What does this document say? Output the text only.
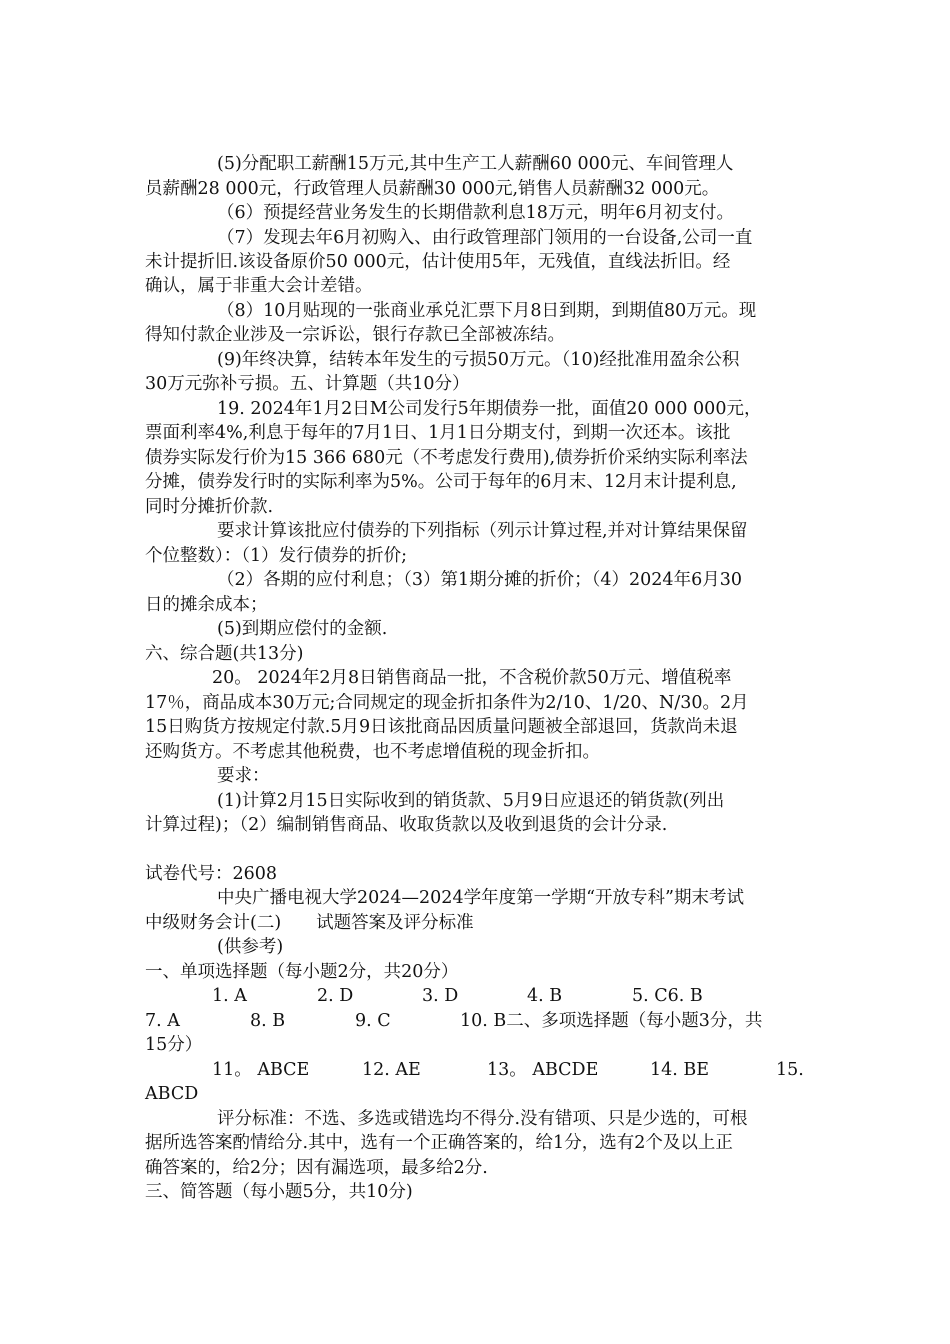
(5)分配职工薪酬15万元,其中生产工人薪酬60 000元、车间管理人
员薪酬28 000元，行政管理人员薪酬30 000元,销售人员薪酬32 000元。
（6）预提经营业务发生的长期借款利息18万元，明年6月初支付。
（7）发现去年6月初购入、由行政管理部门领用的一台设备,公司一直
未计提折旧.该设备原价50 000元，估计使用5年，无残值，直线法折旧。经
确认，属于非重大会计差错。
（8）10月贴现的一张商业承兑汇票下月8日到期，到期值80万元。现
得知付款企业涉及一宗诉讼，银行存款已全部被冻结。
(9)年终决算，结转本年发生的亏损50万元。（10)经批准用盈余公积
30万元弥补亏损。五、计算题（共10分）
19. 2024年1月2日M公司发行5年期债券一批，面值20 000 000元，
票面利率4%,利息于每年的7月1日、1月1日分期支付，到期一次还本。该批
债券实际发行价为15 366 680元（不考虑发行费用),债券折价采纳实际利率法
分摊，债券发行时的实际利率为5%。公司于每年的6月末、12月末计提利息,
同时分摊折价款.
要求计算该批应付债券的下列指标（列示计算过程,并对计算结果保留
个位整数）：（1）发行债券的折价;
（2）各期的应付利息；（3）第1期分摊的折价；（4）2024年6月30
日的摊余成本；
(5)到期应偿付的金额.
六、综合题(共13分)
20。 2024年2月8日销售商品一批，不含税价款50万元、增值税率
17％，商品成本30万元;合同规定的现金折扣条件为2/10、1/20、N/30。2月
15日购货方按规定付款.5月9日该批商品因质量问题被全部退回，货款尚未退
还购货方。不考虑其他税费，也不考虑增值税的现金折扣。
要求：
(1)计算2月15日实际收到的销货款、5月9日应退还的销货款(列出
计算过程)；（2）编制销售商品、收取货款以及收到退货的会计分录.
试卷代号：2608
中央广播电视大学2024—2024学年度第一学期“开放专科”期末考试
中级财务会计(二)　　试题答案及评分标准
(供参考)
一、单项选择题（每小题2分，共20分）
1. A	2. D	3. D	4. B	5. C6. B
7. A	8. B	9. C	10. B二、多项选择题（每小题3分，共
15分）
11。 ABCE	12. AE	13。 ABCDE	14. BE	15.
ABCD
评分标准：不选、多选或错选均不得分.没有错项、只是少选的，可根
据所选答案酌情给分.其中，选有一个正确答案的，给1分，选有2个及以上正
确答案的，给2分；因有漏选项，最多给2分.
三、简答题（每小题5分，共10分)
